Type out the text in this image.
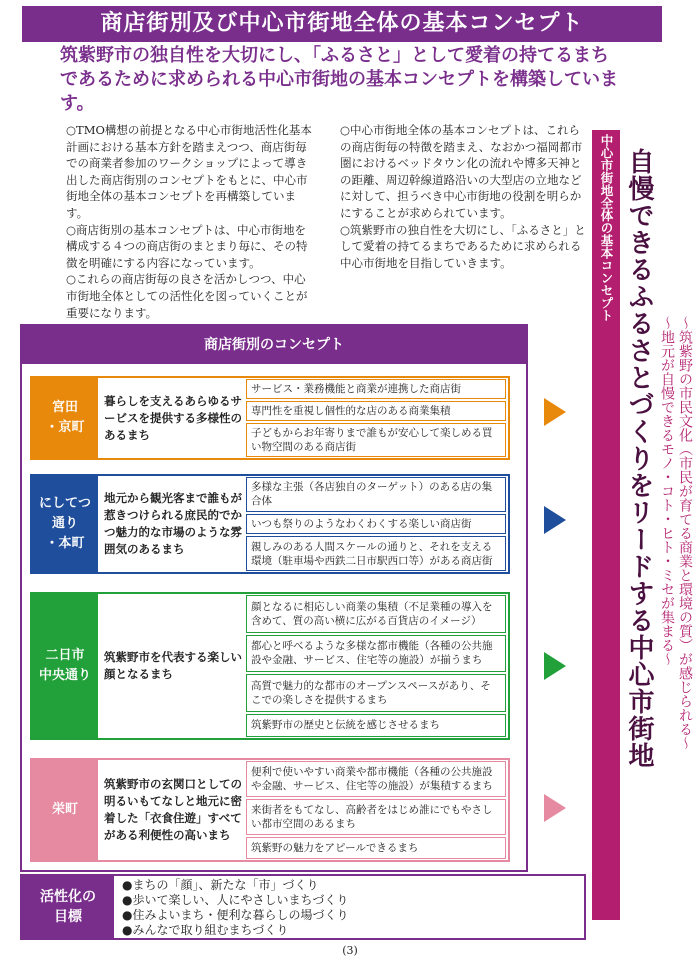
商店街別及び中心市街地全体の基本コンセプト
筑紫野市の独自性を大切にし、「ふるさと」として愛着の持てるまちであるために求められる中心市街地の基本コンセプトを構築しています。

○TMO構想の前提となる中心市街地活性化基本計画における基本方針を踏まえつつ、商店街毎での商業者参加のワークショップによって導き出した商店街別のコンセプトをもとに、中心市街地全体の基本コンセプトを再構築しています。

○商店街別の基本コンセプトは、中心市街地を構成する４つの商店街のまとまり毎に、その特徴を明確にする内容になっています。

○これらの商店街毎の良さを活かしつつ、中心市街地全体としての活性化を図っていくことが重要になります。

○中心市街地全体の基本コンセプトは、これらの商店街毎の特徴を踏まえ、なおかつ福岡都市圏におけるベッドタウン化の流れや博多天神との距離、周辺幹線道路沿いの大型店の立地などに対して、担うべき中心市街地の役割を明らかにすることが求められています。

○筑紫野市の独自性を大切にし、「ふるさと」として愛着の持てるまちであるために求められる中心市街地を目指していきます。	中心市街地全体の基本コンセプト 自慢できるふるさとづくりをリードする中心市街地	〜筑紫野の市民文化（市民が育てる商業と環境の質）が感じられる〜
〜地元が自慢できるモノ・コト・ヒト・ミセが集まる〜
商店街別のコンセプト
宮田
・京町
暮らしを支えるあらゆるサービスを提供する多様性のあるまち
サービス・業務機能と商業が連携した商店街
専門性を重視し個性的な店のある商業集積
子どもからお年寄りまで誰もが安心して楽しめる買い物空間のある商店街
にしてつ
通り
・本町
地元から観光客まで誰もが惹きつけられる庶民的でかつ魅力的な市場のような雰囲気のあるまち
多様な主張（各店独自のターゲット）のある店の集合体
いつも祭りのようなわくわくする楽しい商店街
親しみのある人間スケールの通りと、それを支える環境（駐車場や西鉄二日市駅西口等）がある商店街
二日市
中央通り
筑紫野市を代表する楽しい顔となるまち
顔となるに相応しい商業の集積（不足業種の導入を含めて、質の高い横に広がる百貨店のイメージ）
都心と呼べるような多様な都市機能（各種の公共施設や金融、サービス、住宅等の施設）が揃うまち
高質で魅力的な都市のオープンスペースがあり、そこでの楽しさを提供するまち
筑紫野市の歴史と伝統を感じさせるまち
栄町
筑紫野市の玄関口としての明るいもてなしと地元に密着した「衣食住遊」すべてがある利便性の高いまち
便利で使いやすい商業や都市機能（各種の公共施設や金融、サービス、住宅等の施設）が集積するまち
来街者をもてなし、高齢者をはじめ誰にでもやさしい都市空間のあるまち
筑紫野の魅力をアピールできるまち
活性化の
目標
●まちの「顔」、新たな「市」づくり
●歩いて楽しい、人にやさしいまちづくり
●住みよいまち・便利な暮らしの場づくり
●みんなで取り組むまちづくり
(3)
